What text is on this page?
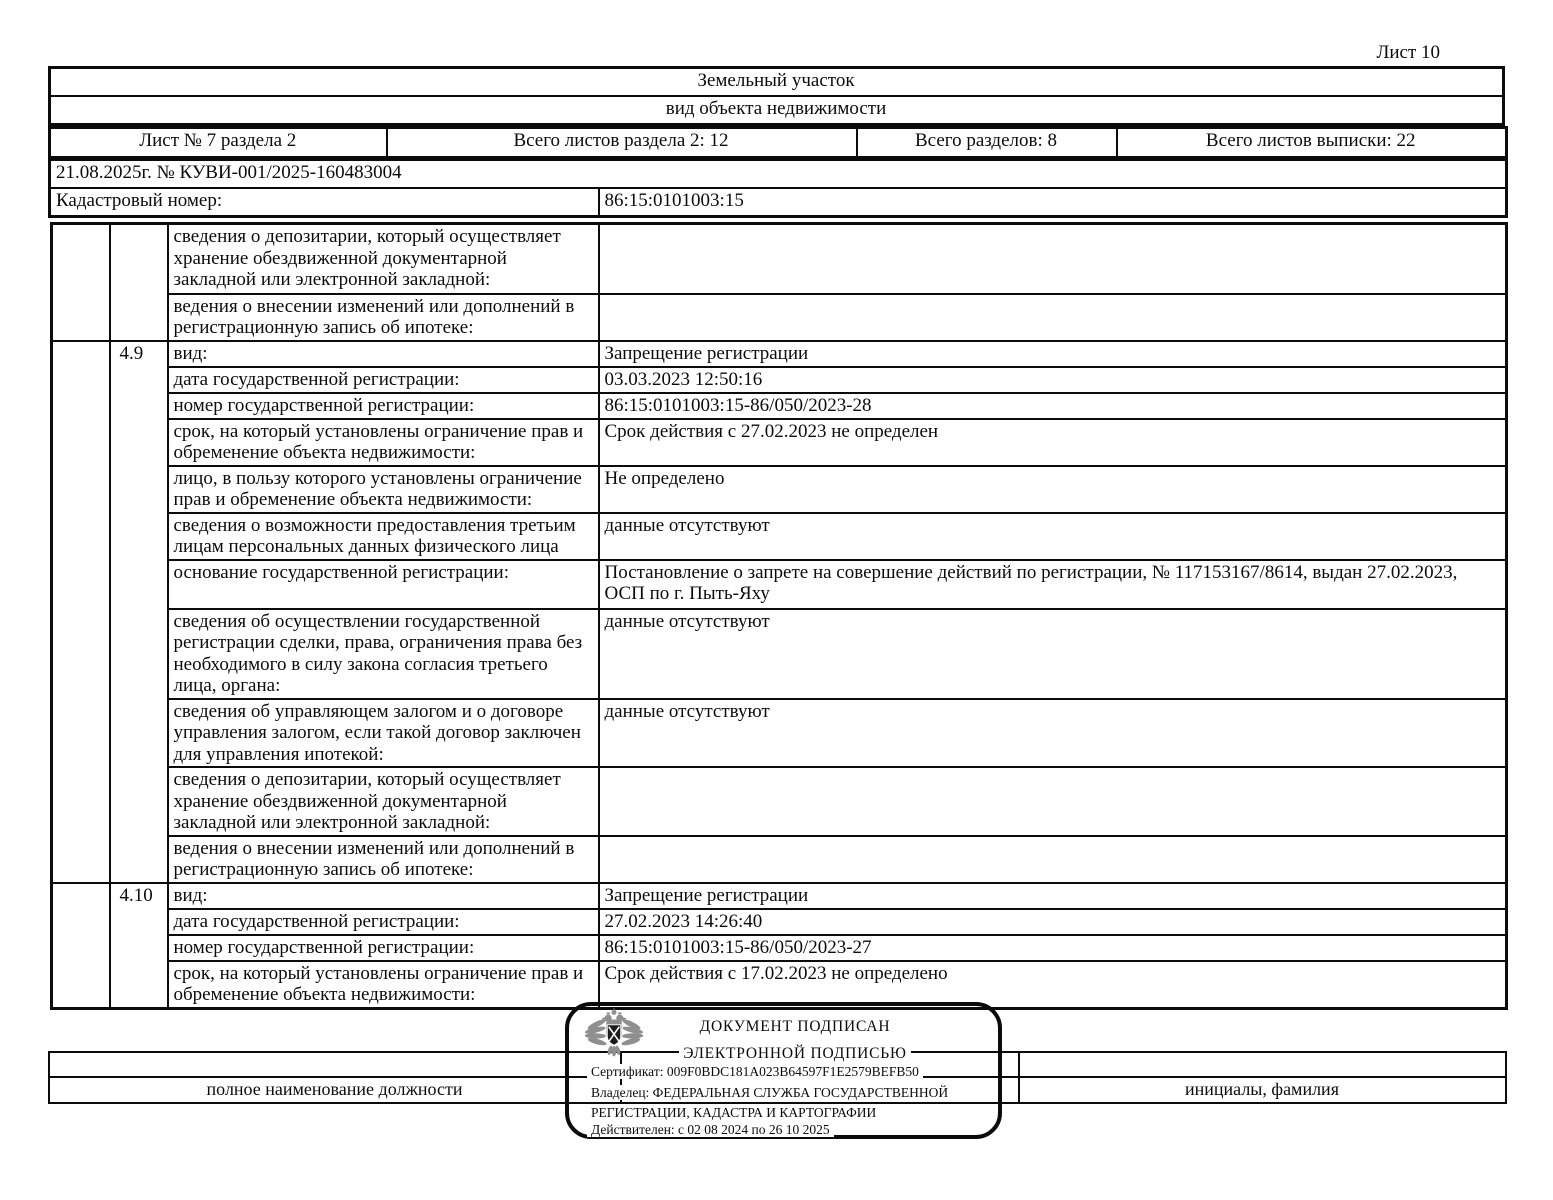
Лист 10
Земельный участок
вид объекта недвижимости
Лист № 7 раздела 2	Всего листов раздела 2: 12	Всего разделов: 8	Всего листов выписки: 22
21.08.2025г. № КУВИ-001/2025-160483004
Кадастровый номер:	86:15:0101003:15
		сведения о депозитарии, который осуществляет хранение обездвиженной документарной закладной или электронной закладной:	
		ведения о внесении изменений или дополнений в регистрационную запись об ипотеке:	
	4.9	вид:	Запрещение регистрации
		дата государственной регистрации:	03.03.2023 12:50:16
		номер государственной регистрации:	86:15:0101003:15-86/050/2023-28
		срок, на который установлены ограничение прав и обременение объекта недвижимости:	Срок действия с 27.02.2023 не определен
		лицо, в пользу которого установлены ограничение прав и обременение объекта недвижимости:	Не определено
		сведения о возможности предоставления третьим лицам персональных данных физического лица	данные отсутствуют
		основание государственной регистрации:	Постановление о запрете на совершение действий по регистрации, № 117153167/8614, выдан 27.02.2023, ОСП по г. Пыть-Яху
		сведения об осуществлении государственной регистрации сделки, права, ограничения права без необходимого в силу закона согласия третьего лица, органа:	данные отсутствуют
		сведения об управляющем залогом и о договоре управления залогом, если такой договор заключен для управления ипотекой:	данные отсутствуют
		сведения о депозитарии, который осуществляет хранение обездвиженной документарной закладной или электронной закладной:	
		ведения о внесении изменений или дополнений в регистрационную запись об ипотеке:	
	4.10	вид:	Запрещение регистрации
		дата государственной регистрации:	27.02.2023 14:26:40
		номер государственной регистрации:	86:15:0101003:15-86/050/2023-27
		срок, на который установлены ограничение прав и обременение объекта недвижимости:	Срок действия с 17.02.2023 не определено

полное наименование должности		инициалы, фамилия
ДОКУМЕНТ ПОДПИСАН
ЭЛЕКТРОННОЙ ПОДПИСЬЮ
Сертификат: 009F0BDC181A023B64597F1E2579BEFB50
Владелец: ФЕДЕРАЛЬНАЯ СЛУЖБА ГОСУДАРСТВЕННОЙ
РЕГИСТРАЦИИ, КАДАСТРА И КАРТОГРАФИИ
Действителен: с 02 08 2024 по 26 10 2025
